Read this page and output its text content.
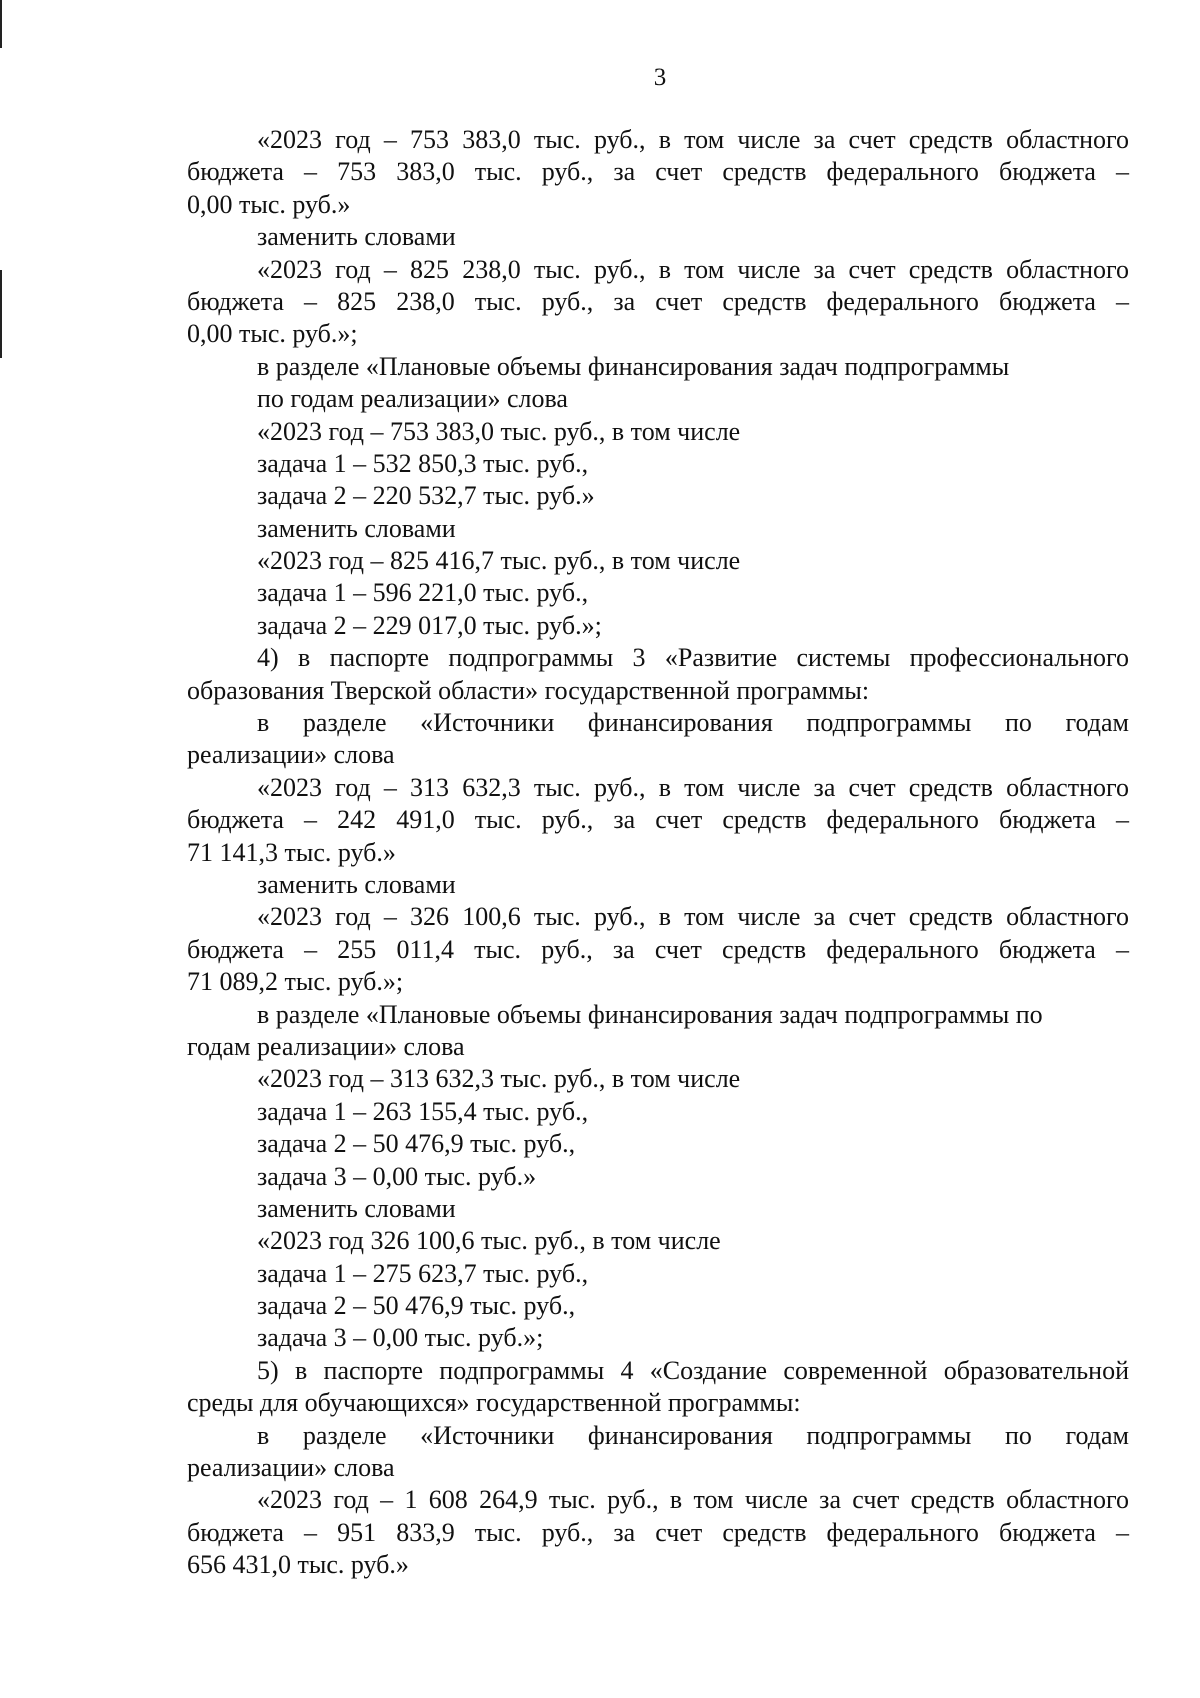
3
«2023 год – 753 383,0 тыс. руб., в том числе за счет средств областного
бюджета – 753 383,0 тыс. руб., за счет средств федерального бюджета –
0,00 тыс. руб.»
заменить словами
«2023 год – 825 238,0 тыс. руб., в том числе за счет средств областного
бюджета – 825 238,0 тыс. руб., за счет средств федерального бюджета –
0,00 тыс. руб.»;
в разделе «Плановые объемы финансирования задач подпрограммы
по годам реализации» слова
«2023 год – 753 383,0 тыс. руб., в том числе
задача 1 – 532 850,3 тыс. руб.,
задача 2 – 220 532,7 тыс. руб.»
заменить словами
«2023 год – 825 416,7 тыс. руб., в том числе
задача 1 – 596 221,0 тыс. руб.,
задача 2 – 229 017,0 тыс. руб.»;
4) в паспорте подпрограммы 3 «Развитие системы профессионального
образования Тверской области» государственной программы:
в разделе «Источники финансирования подпрограммы по годам
реализации» слова
«2023 год – 313 632,3 тыс. руб., в том числе за счет средств областного
бюджета – 242 491,0 тыс. руб., за счет средств федерального бюджета –
71 141,3 тыс. руб.»
заменить словами
«2023 год – 326 100,6 тыс. руб., в том числе за счет средств областного
бюджета – 255 011,4 тыс. руб., за счет средств федерального бюджета –
71 089,2 тыс. руб.»;
в разделе «Плановые объемы финансирования задач подпрограммы по
годам реализации» слова
«2023 год – 313 632,3 тыс. руб., в том числе
задача 1 – 263 155,4 тыс. руб.,
задача 2 – 50 476,9 тыс. руб.,
задача 3 – 0,00 тыс. руб.»
заменить словами
«2023 год 326 100,6 тыс. руб., в том числе
задача 1 – 275 623,7 тыс. руб.,
задача 2 – 50 476,9 тыс. руб.,
задача 3 – 0,00 тыс. руб.»;
5) в паспорте подпрограммы 4 «Создание современной образовательной
среды для обучающихся» государственной программы:
в разделе «Источники финансирования подпрограммы по годам
реализации» слова
«2023 год – 1 608 264,9 тыс. руб., в том числе за счет средств областного
бюджета – 951 833,9 тыс. руб., за счет средств федерального бюджета –
656 431,0 тыс. руб.»
